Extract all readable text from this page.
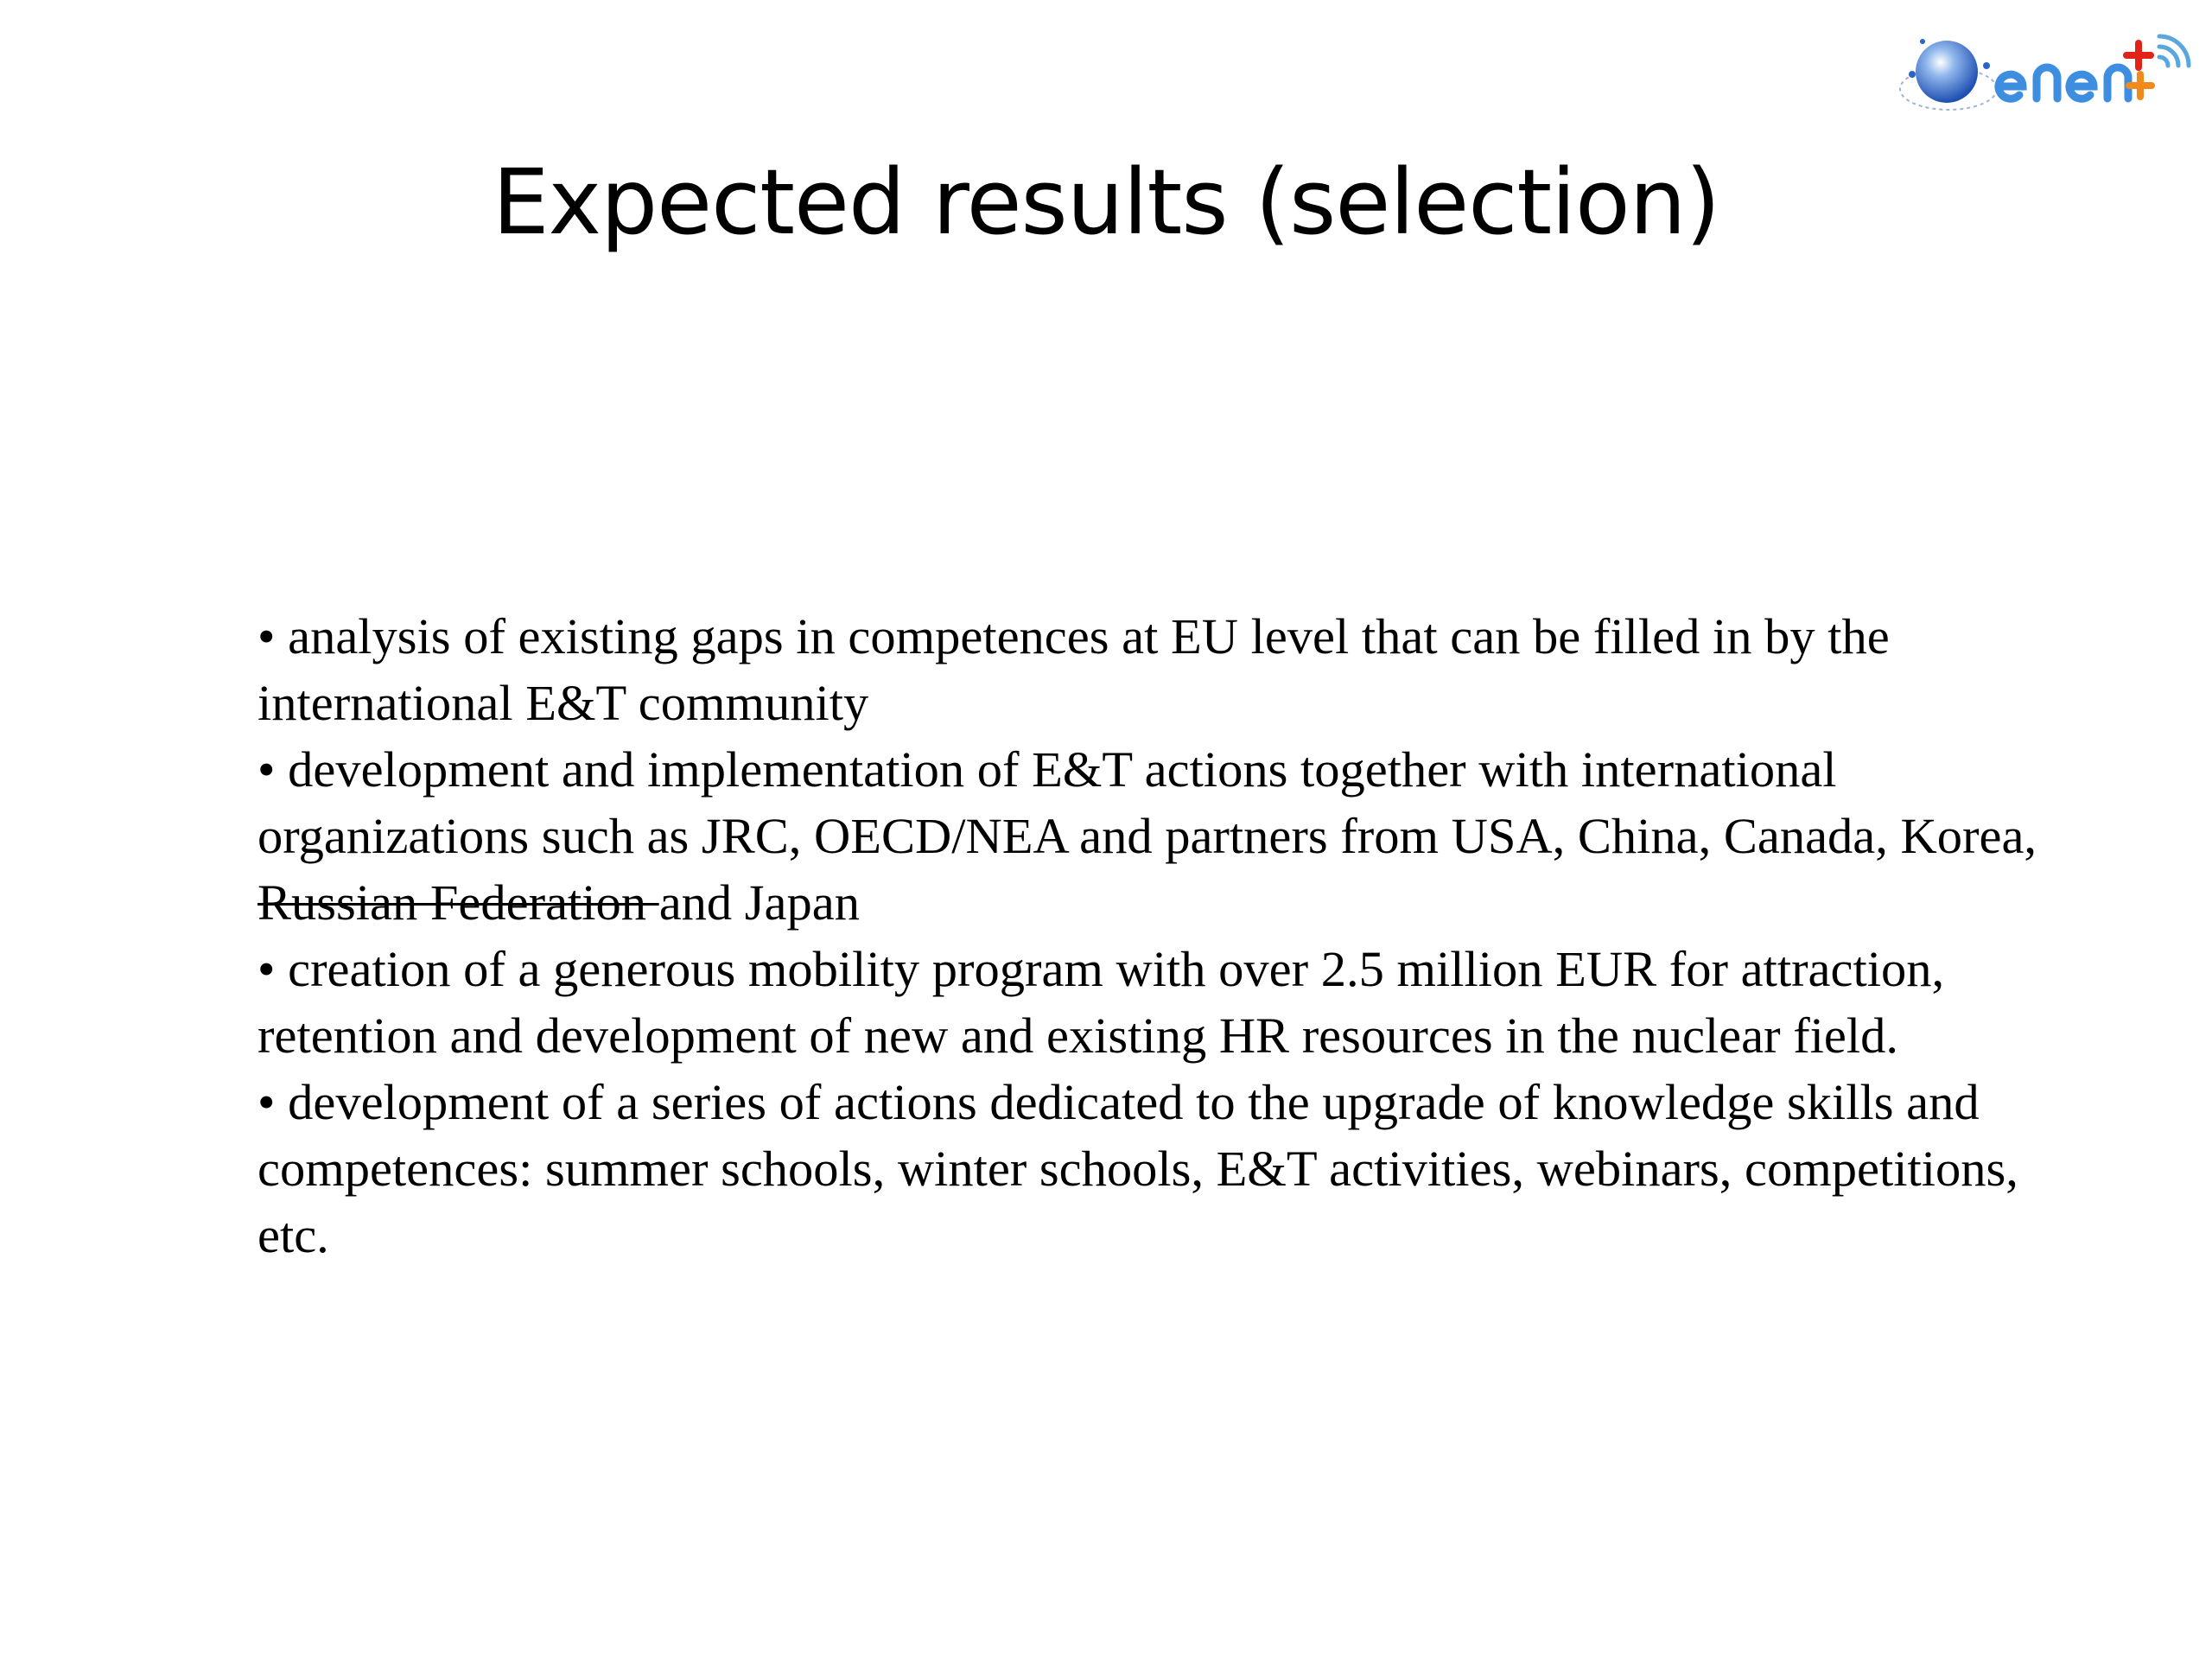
Expected results (selection)

• analysis of existing gaps in competences at EU level that can be filled in by the international E&T community

• development and implementation of E&T actions together with international organizations such as JRC, OECD/NEA and partners from USA, China, Canada, Korea, Russian Federation and Japan

• creation of a generous mobility program with over 2.5 million EUR for attraction, retention and development of new and existing HR resources in the nuclear field.

• development of a series of actions dedicated to the upgrade of knowledge skills and competences: summer schools, winter schools, E&T activities, webinars, competitions, etc.
